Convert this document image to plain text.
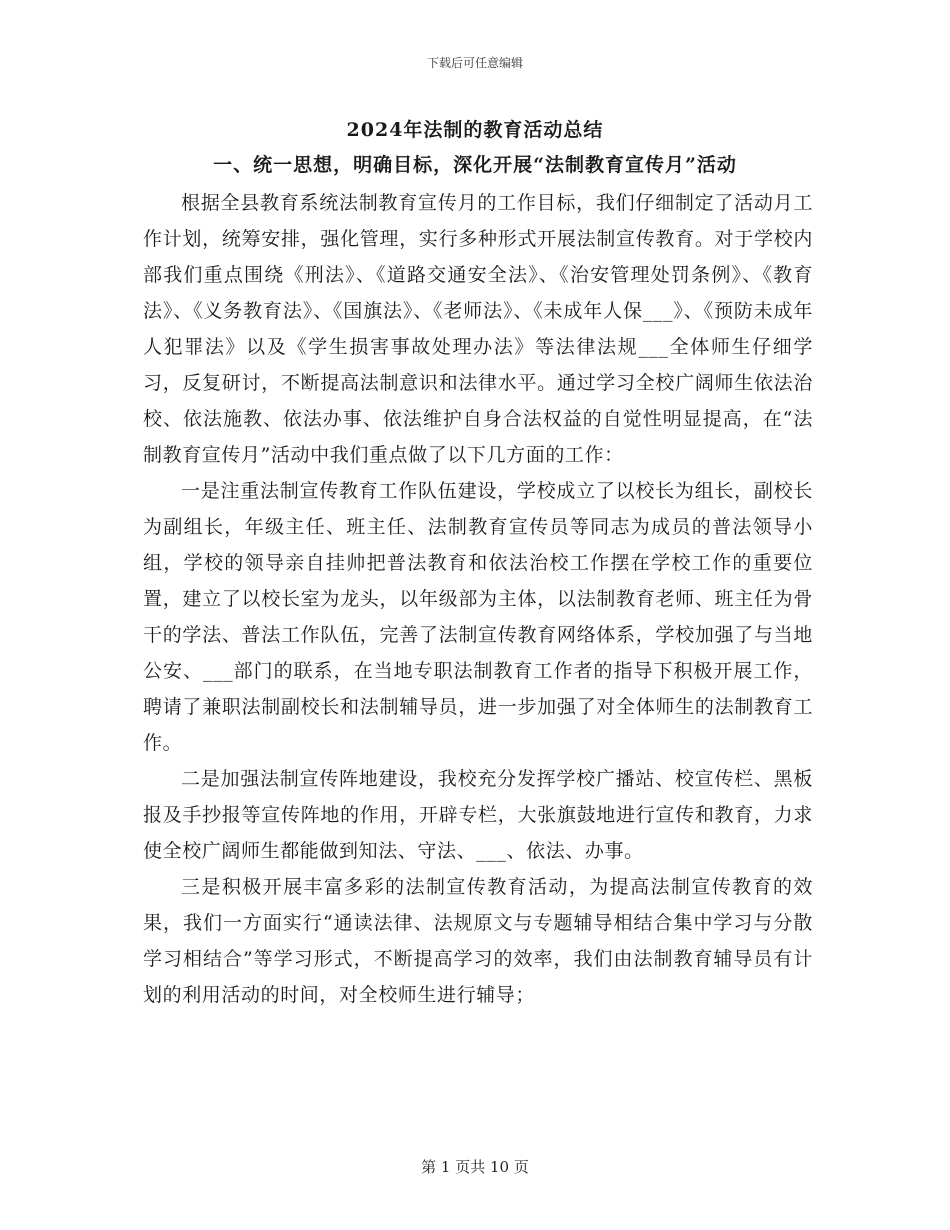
下载后可任意编辑
2024年法制的教育活动总结
一、统一思想，明确目标，深化开展“法制教育宣传月”活动

根据全县教育系统法制教育宣传月的工作目标，我们仔细制定了活动月工作计划，统筹安排，强化管理，实行多种形式开展法制宣传教育。对于学校内部我们重点围绕《刑法》、《道路交通安全法》、《治安管理处罚条例》、《教育法》、《义务教育法》、《国旗法》、《老师法》、《未成年人保___》、《预防未成年人犯罪法》以及《学生损害事故处理办法》等法律法规___全体师生仔细学习，反复研讨，不断提高法制意识和法律水平。通过学习全校广阔师生依法治校、依法施教、依法办事、依法维护自身合法权益的自觉性明显提高，在“法制教育宣传月”活动中我们重点做了以下几方面的工作：

一是注重法制宣传教育工作队伍建设，学校成立了以校长为组长，副校长为副组长，年级主任、班主任、法制教育宣传员等同志为成员的普法领导小组，学校的领导亲自挂帅把普法教育和依法治校工作摆在学校工作的重要位置，建立了以校长室为龙头，以年级部为主体，以法制教育老师、班主任为骨干的学法、普法工作队伍，完善了法制宣传教育网络体系，学校加强了与当地公安、___部门的联系，在当地专职法制教育工作者的指导下积极开展工作，聘请了兼职法制副校长和法制辅导员，进一步加强了对全体师生的法制教育工作。

二是加强法制宣传阵地建设，我校充分发挥学校广播站、校宣传栏、黑板报及手抄报等宣传阵地的作用，开辟专栏，大张旗鼓地进行宣传和教育，力求使全校广阔师生都能做到知法、守法、___、依法、办事。

三是积极开展丰富多彩的法制宣传教育活动，为提高法制宣传教育的效果，我们一方面实行“通读法律、法规原文与专题辅导相结合集中学习与分散学习相结合”等学习形式，不断提高学习的效率，我们由法制教育辅导员有计划的利用活动的时间，对全校师生进行辅导；

第 1 页共 10 页
